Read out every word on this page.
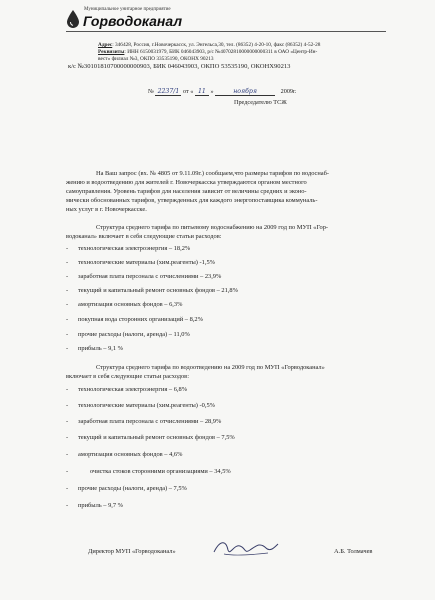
Муниципальное унитарное предприятие
Горводоканал
Адрес: 346428, Россия, г.Новочеркасск, ул. Энгельса,30, тел. (86352) 4-20-10, факс (86352) 4-52-28
Реквизиты: ИНН 6150031979, БИК 046043903, р/с №40702810000000000311 в ОАО «Центр-Ин-
вест» филиал №3, ОКПО 33535190, ОКОНХ 90213
к/с №30101810700000000903, БИК 046043903, ОКПО 53535190, ОКОНХ90213
№ 2237/1 от « 11 »	ноября	2009г.
Председателю ТСЖ
На Ваш запрос (вх. № 4805 от 9.11.09г.) сообщаем,что размеры тарифов по водоснаб-
жению и водоотведению для жителей г. Новочеркасска утверждаются органом местного
самоуправления. Уровень тарифов для населения зависит от величины средних и эконо-
мически обоснованных тарифов, утвержденных для каждого энергопоставщика коммуналь-
ных услуг в г. Новочеркасске.
Структура среднего тарифа по питьевому водоснабжению на 2009 год по МУП «Гор-
водоканал» включает в себя следующие статьи расходов:
- технологическая электроэнергия – 18,2%
- технологические материалы (хим.реагенты) -1,5%
- заработная плата персонала с отчислениями – 23,9%
- текущий и капитальный ремонт основных фондов – 21,8%
- амортизация основных фондов – 6,3%
- покупная вода сторонних организаций – 8,2%
- прочие расходы (налоги, аренда) – 11,0%
- прибыль – 9,1 %
Структура среднего тарифа по водоотведению на 2009 год по МУП «Горводоканал»
включает в себя следующие статьи расходов:
- технологическая электроэнергия – 6,8%
- технологические материалы (хим.реагенты) -0,5%
- заработная плата персонала с отчислениями – 28,9%
- текущий и капитальный ремонт основных фондов – 7,5%
- амортизация основных фондов – 4,6%
-	очистка стоков сторонними организациями – 34,5%
- прочие расходы (налоги, аренда) – 7,5%
- прибыль – 9,7 %
Директор МУП «Горводоканал»	А.Б. Толмачев
